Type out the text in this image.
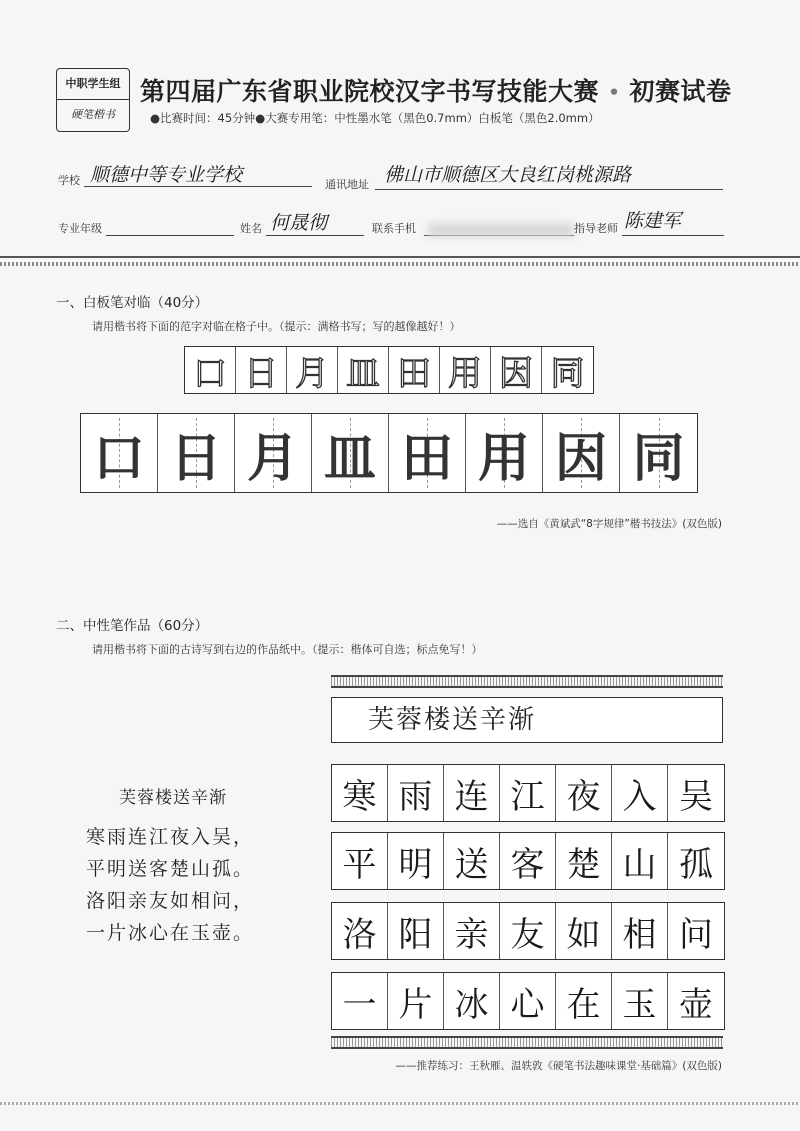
中职学生组
硬笔楷书
第四届广东省职业院校汉字书写技能大赛 • 初赛试卷
●比赛时间：45分钟●大赛专用笔：中性墨水笔（黑色0.7mm）白板笔（黑色2.0mm）
学校 顺德中等专业学校	通讯地址 佛山市顺德区大良红岗桃源路
专业年级	姓名 何晟彻	联系手机	指导老师 陈建军
一、白板笔对临（40分）
请用楷书将下面的范字对临在格子中。（提示：满格书写；写的越像越好！）
口 日 月 皿 田 用 因 同
口 日 月 皿 田 用 因 同
——选自《黄斌武“8字规律”楷书技法》(双色版)
二、中性笔作品（60分）
请用楷书将下面的古诗写到右边的作品纸中。（提示：楷体可自选；标点免写！）
芙蓉楼送辛渐
寒雨连江夜入吴，
平明送客楚山孤。
洛阳亲友如相问，
一片冰心在玉壶。
芙蓉楼送辛渐
寒 雨 连 江 夜 入 吴
平 明 送 客 楚 山 孤
洛 阳 亲 友 如 相 问
一 片 冰 心 在 玉 壶
——推荐练习：王秋雁、温轶敦《硬笔书法趣味课堂·基础篇》(双色版)
